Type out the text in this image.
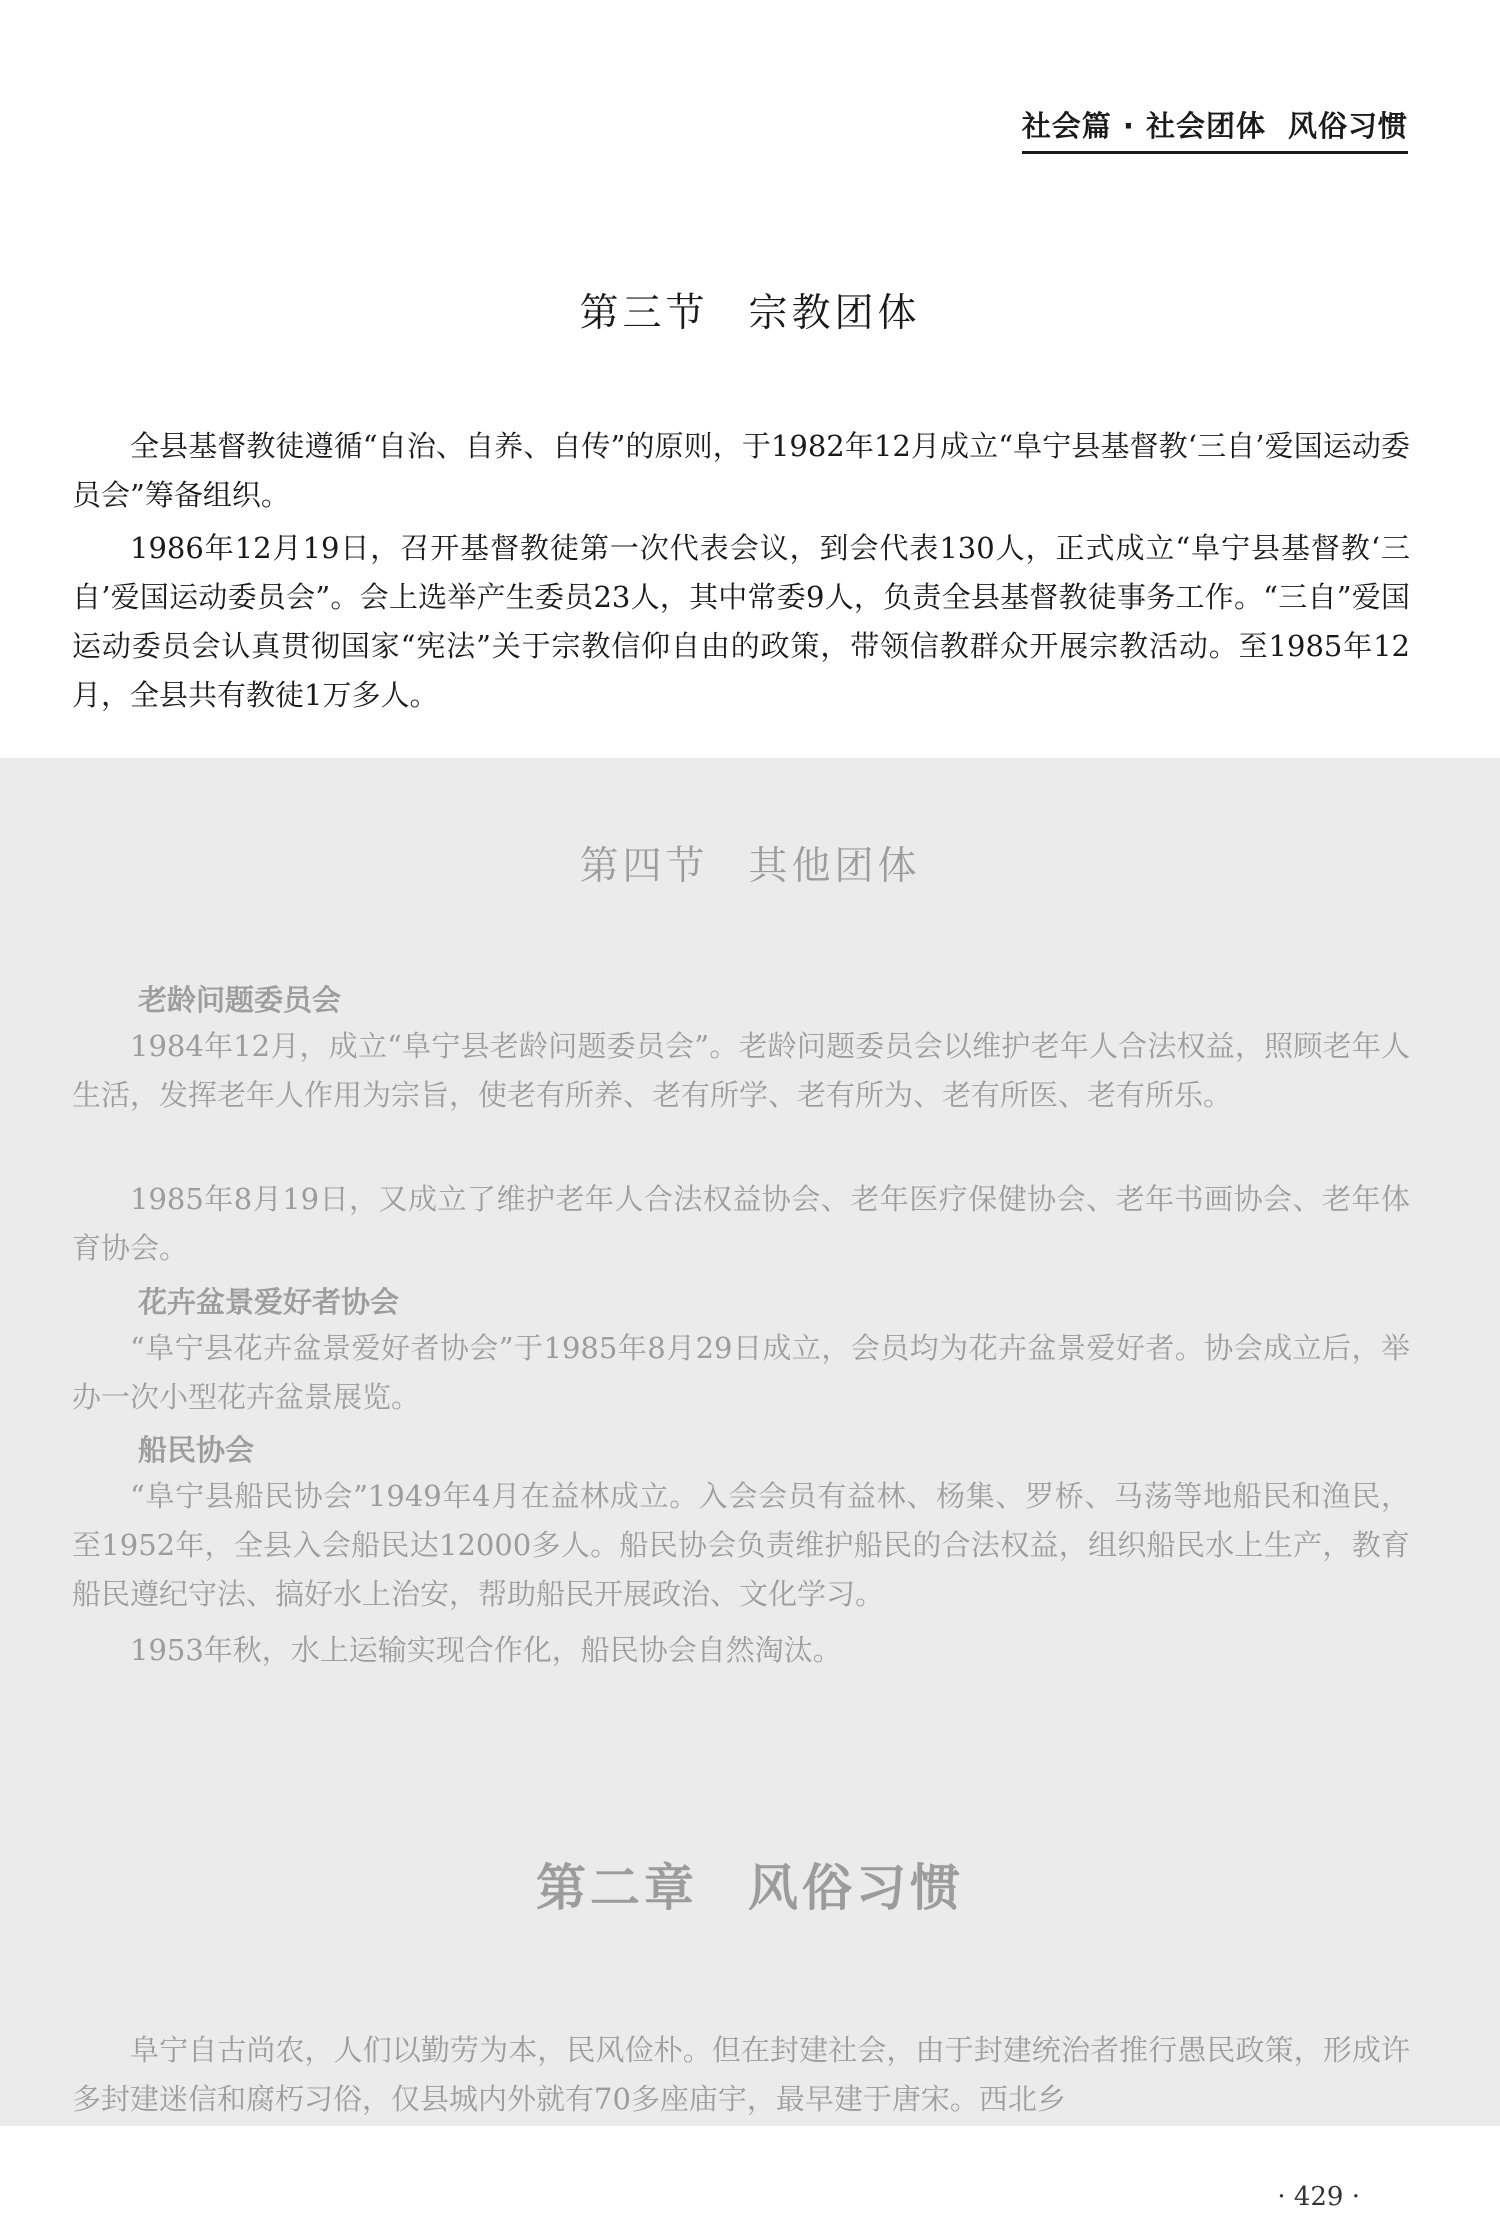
社会篇 · 社会团体 风俗习惯
第三节 宗教团体

全县基督教徒遵循“自治、自养、自传”的原则，于1982年12月成立“阜宁县基督教‘三自’爱国运动委员会”筹备组织。

1986年12月19日，召开基督教徒第一次代表会议，到会代表130人，正式成立“阜宁县基督教‘三自’爱国运动委员会”。会上选举产生委员23人，其中常委9人，负责全县基督教徒事务工作。“三自”爱国运动委员会认真贯彻国家“宪法”关于宗教信仰自由的政策，带领信教群众开展宗教活动。至1985年12月，全县共有教徒1万多人。

第四节 其他团体
老龄问题委员会

1984年12月，成立“阜宁县老龄问题委员会”。老龄问题委员会以维护老年人合法权益，照顾老年人生活，发挥老年人作用为宗旨，使老有所养、老有所学、老有所为、老有所医、老有所乐。

1985年8月19日，又成立了维护老年人合法权益协会、老年医疗保健协会、老年书画协会、老年体育协会。

花卉盆景爱好者协会

“阜宁县花卉盆景爱好者协会”于1985年8月29日成立，会员均为花卉盆景爱好者。协会成立后，举办一次小型花卉盆景展览。

船民协会

“阜宁县船民协会”1949年4月在益林成立。入会会员有益林、杨集、罗桥、马荡等地船民和渔民，至1952年，全县入会船民达12000多人。船民协会负责维护船民的合法权益，组织船民水上生产，教育船民遵纪守法、搞好水上治安，帮助船民开展政治、文化学习。

1953年秋，水上运输实现合作化，船民协会自然淘汰。

第二章 风俗习惯

阜宁自古尚农，人们以勤劳为本，民风俭朴。但在封建社会，由于封建统治者推行愚民政策，形成许多封建迷信和腐朽习俗，仅县城内外就有70多座庙宇，最早建于唐宋。西北乡

· 429 ·
